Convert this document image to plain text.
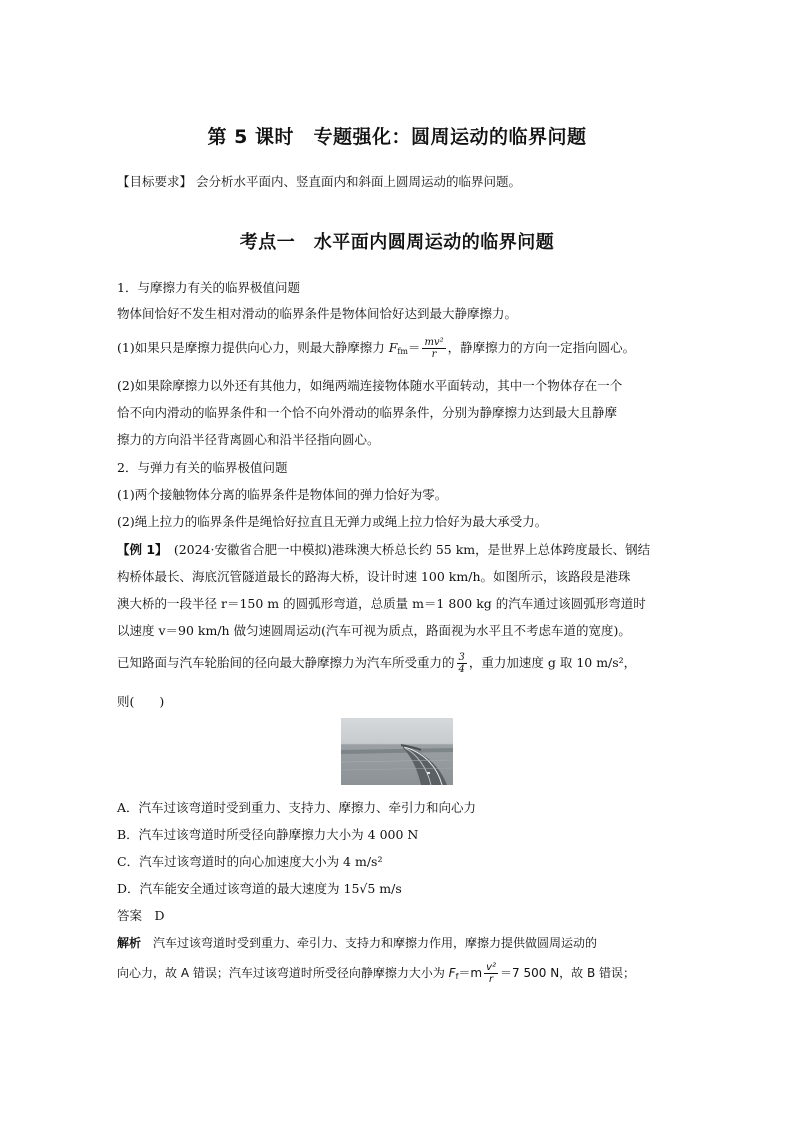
第 5 课时　专题强化：圆周运动的临界问题
【目标要求】 会分析水平面内、竖直面内和斜面上圆周运动的临界问题。
考点一　水平面内圆周运动的临界问题
1．与摩擦力有关的临界极值问题
物体间恰好不发生相对滑动的临界条件是物体间恰好达到最大静摩擦力。
(1)如果只是摩擦力提供向心力，则最大静摩擦力 $F_{fm}= \frac{\text{mv²}}{r}$ ，静摩擦力的方向一定指向圆心。
(2)如果除摩擦力以外还有其他力，如绳两端连接物体随水平面转动，其中一个物体存在一个
恰不向内滑动的临界条件和一个恰不向外滑动的临界条件，分别为静摩擦力达到最大且静摩
擦力的方向沿半径背离圆心和沿半径指向圆心。
2．与弹力有关的临界极值问题
(1)两个接触物体分离的临界条件是物体间的弹力恰好为零。
(2)绳上拉力的临界条件是绳恰好拉直且无弹力或绳上拉力恰好为最大承受力。
【例 1】　(2024·安徽省合肥一中模拟)港珠澳大桥总长约 55 km，是世界上总体跨度最长、钢结
构桥体最长、海底沉管隧道最长的路海大桥，设计时速 100 km/h。如图所示，该路段是港珠
澳大桥的一段半径 r＝150 m 的圆弧形弯道，总质量 m＝1 800 kg 的汽车通过该圆弧形弯道时
以速度 v＝90 km/h 做匀速圆周运动(汽车可视为质点，路面视为水平且不考虑车道的宽度)。
已知路面与汽车轮胎间的径向最大静摩擦力为汽车所受重力的 $\frac{3}{4}$ ，重力加速度 g 取 10 m/s²，
则(　　)
A．汽车过该弯道时受到重力、支持力、摩擦力、牵引力和向心力
B．汽车过该弯道时所受径向静摩擦力大小为 4 000 N
C．汽车过该弯道时的向心加速度大小为 4 m/s²
D．汽车能安全通过该弯道的最大速度为 15√5 m/s
答案　 D
解析　汽车过该弯道时受到重力、牵引力、支持力和摩擦力作用，摩擦力提供做圆周运动的
向心力，故 A 错误；汽车过该弯道时所受径向静摩擦力大小为 $F_f=m \frac{\text{v²}}{r} =7$ 500 N，故 B 错误；
